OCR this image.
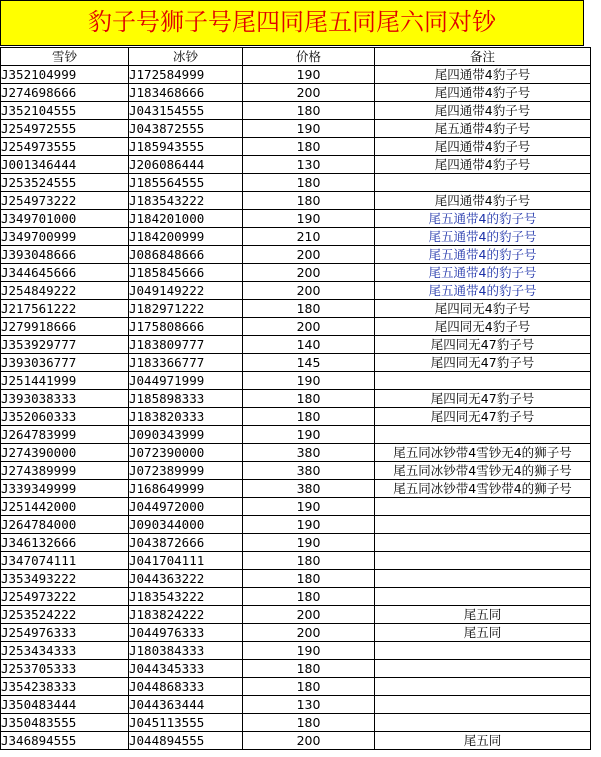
豹子号狮子号尾四同尾五同尾六同对钞
雪钞	冰钞	价格	备注
J352104999	J172584999	190	尾四通带4豹子号
J274698666	J183468666	200	尾四通带4豹子号
J352104555	J043154555	180	尾四通带4豹子号
J254972555	J043872555	190	尾五通带4豹子号
J254973555	J185943555	180	尾四通带4豹子号
J001346444	J206086444	130	尾四通带4豹子号
J253524555	J185564555	180	
J254973222	J183543222	180	尾四通带4豹子号
J349701000	J184201000	190	尾五通带4的豹子号
J349700999	J184200999	210	尾五通带4的豹子号
J393048666	J086848666	200	尾五通带4的豹子号
J344645666	J185845666	200	尾五通带4的豹子号
J254849222	J049149222	200	尾五通带4的豹子号
J217561222	J182971222	180	尾四同无4豹子号
J279918666	J175808666	200	尾四同无4豹子号
J353929777	J183809777	140	尾四同无47豹子号
J393036777	J183366777	145	尾四同无47豹子号
J251441999	J044971999	190	
J393038333	J185898333	180	尾四同无47豹子号
J352060333	J183820333	180	尾四同无47豹子号
J264783999	J090343999	190	
J274390000	J072390000	380	尾五同冰钞带4雪钞无4的狮子号
J274389999	J072389999	380	尾五同冰钞带4雪钞无4的狮子号
J339349999	J168649999	380	尾五同冰钞带4雪钞带4的狮子号
J251442000	J044972000	190	
J264784000	J090344000	190	
J346132666	J043872666	190	
J347074111	J041704111	180	
J353493222	J044363222	180	
J254973222	J183543222	180	
J253524222	J183824222	200	尾五同
J254976333	J044976333	200	尾五同
J253434333	J180384333	190	
J253705333	J044345333	180	
J354238333	J044868333	180	
J350483444	J044363444	130	
J350483555	J045113555	180	
J346894555	J044894555	200	尾五同
